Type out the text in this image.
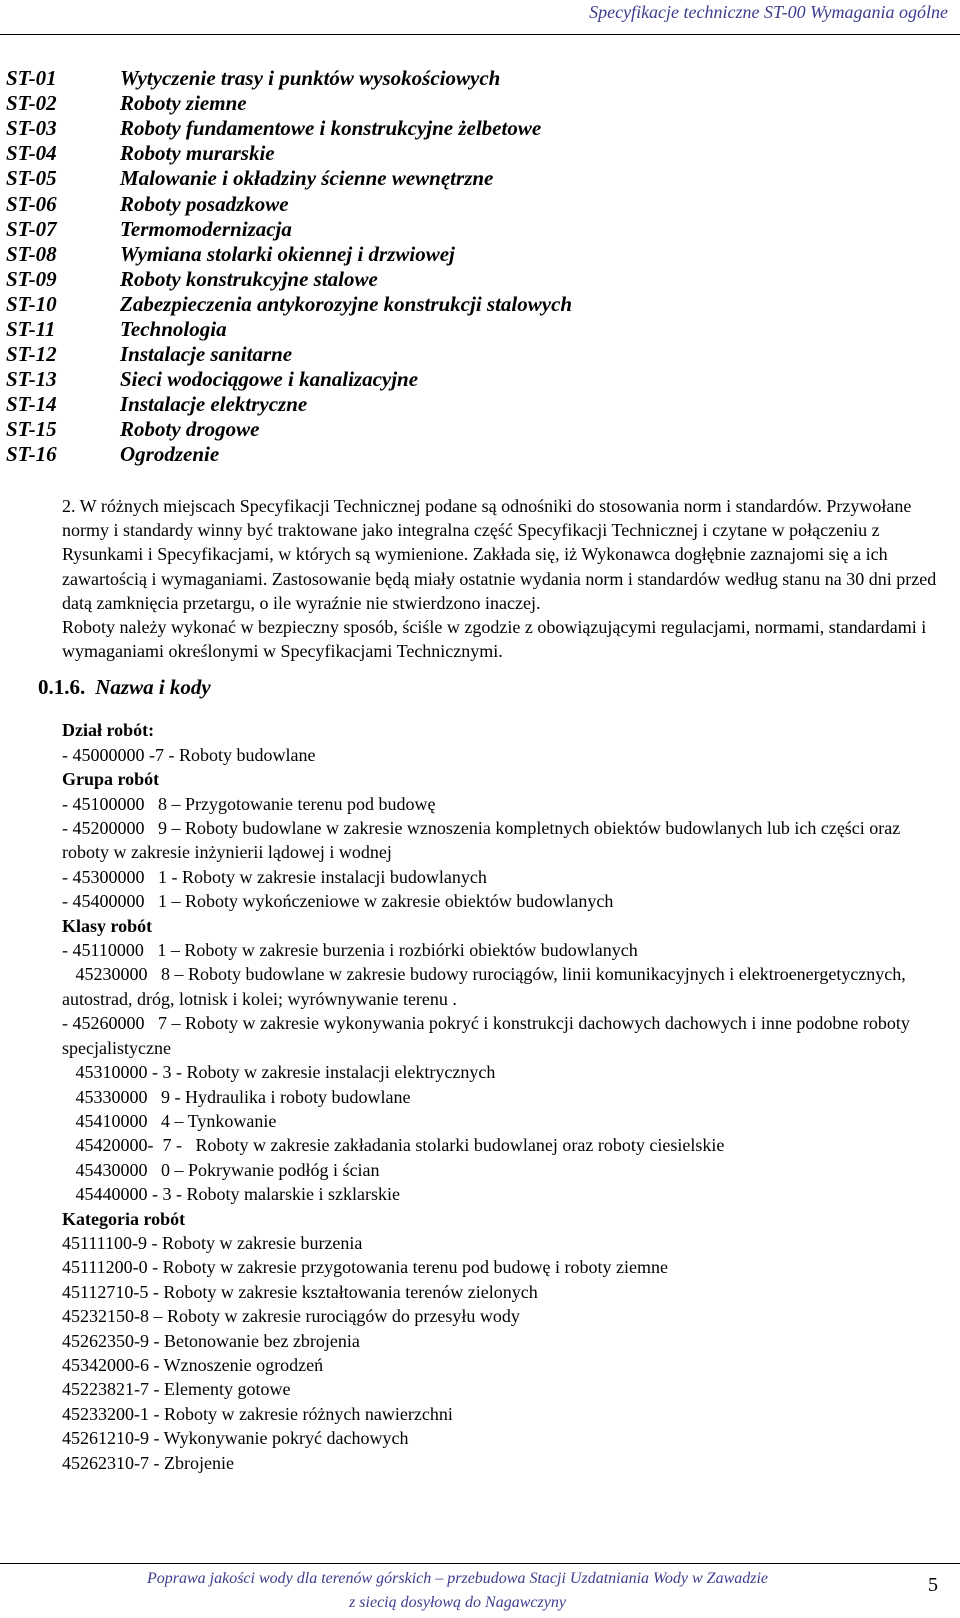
Specyfikacje techniczne ST-00 Wymagania ogólne
ST-01	Wytyczenie trasy i punktów wysokościowych
ST-02	Roboty ziemne
ST-03	Roboty fundamentowe i konstrukcyjne żelbetowe
ST-04	Roboty murarskie
ST-05	Malowanie i okładziny ścienne wewnętrzne
ST-06	Roboty posadzkowe
ST-07	Termomodernizacja
ST-08	Wymiana stolarki okiennej i drzwiowej
ST-09	Roboty konstrukcyjne stalowe
ST-10	Zabezpieczenia antykorozyjne konstrukcji stalowych
ST-11	Technologia
ST-12	Instalacje sanitarne
ST-13	Sieci wodociągowe i kanalizacyjne
ST-14	Instalacje elektryczne
ST-15	Roboty drogowe
ST-16	Ogrodzenie

2. W różnych miejscach Specyfikacji Technicznej podane są odnośniki do stosowania norm i standardów. Przywołane normy i standardy winny być traktowane jako integralna część Specyfikacji Technicznej i czytane w połączeniu z Rysunkami i Specyfikacjami, w których są wymienione. Zakłada się, iż Wykonawca dogłębnie zaznajomi się a ich zawartością i wymaganiami. Zastosowanie będą miały ostatnie wydania norm i standardów według stanu na 30 dni przed datą zamknięcia przetargu, o ile wyraźnie nie stwierdzono inaczej.

Roboty należy wykonać w bezpieczny sposób, ściśle w zgodzie z obowiązującymi regulacjami, normami, standardami i wymaganiami określonymi w Specyfikacjami Technicznymi.

0.1.6. Nazwa i kody
Dział robót:
- 45000000 -7 - Roboty budowlane
Grupa robót
- 45100000   8 – Przygotowanie terenu pod budowę
- 45200000   9 – Roboty budowlane w zakresie wznoszenia kompletnych obiektów budowlanych lub ich części oraz roboty w zakresie inżynierii lądowej i wodnej
- 45300000   1 - Roboty w zakresie instalacji budowlanych
- 45400000   1 – Roboty wykończeniowe w zakresie obiektów budowlanych
Klasy robót
- 45110000   1 – Roboty w zakresie burzenia i rozbiórki obiektów budowlanych
45230000   8 – Roboty budowlane w zakresie budowy rurociągów, linii komunikacyjnych i elektroenergetycznych, autostrad, dróg, lotnisk i kolei; wyrównywanie terenu .
- 45260000   7 – Roboty w zakresie wykonywania pokryć i konstrukcji dachowych dachowych i inne podobne roboty specjalistyczne
45310000 - 3 - Roboty w zakresie instalacji elektrycznych
45330000   9 - Hydraulika i roboty budowlane
45410000   4 – Tynkowanie
45420000-  7 -   Roboty w zakresie zakładania stolarki budowlanej oraz roboty ciesielskie
45430000   0 – Pokrywanie podłóg i ścian
45440000 - 3 - Roboty malarskie i szklarskie
Kategoria robót
45111100-9 - Roboty w zakresie burzenia
45111200-0 - Roboty w zakresie przygotowania terenu pod budowę i roboty ziemne
45112710-5 - Roboty w zakresie kształtowania terenów zielonych
45232150-8 – Roboty w zakresie rurociągów do przesyłu wody
45262350-9 - Betonowanie bez zbrojenia
45342000-6 - Wznoszenie ogrodzeń
45223821-7 - Elementy gotowe
45233200-1 - Roboty w zakresie różnych nawierzchni
45261210-9 - Wykonywanie pokryć dachowych
45262310-7 - Zbrojenie
Poprawa jakości wody dla terenów górskich – przebudowa Stacji Uzdatniania Wody w Zawadzie
z siecią dosyłową do Nagawczyny
5
